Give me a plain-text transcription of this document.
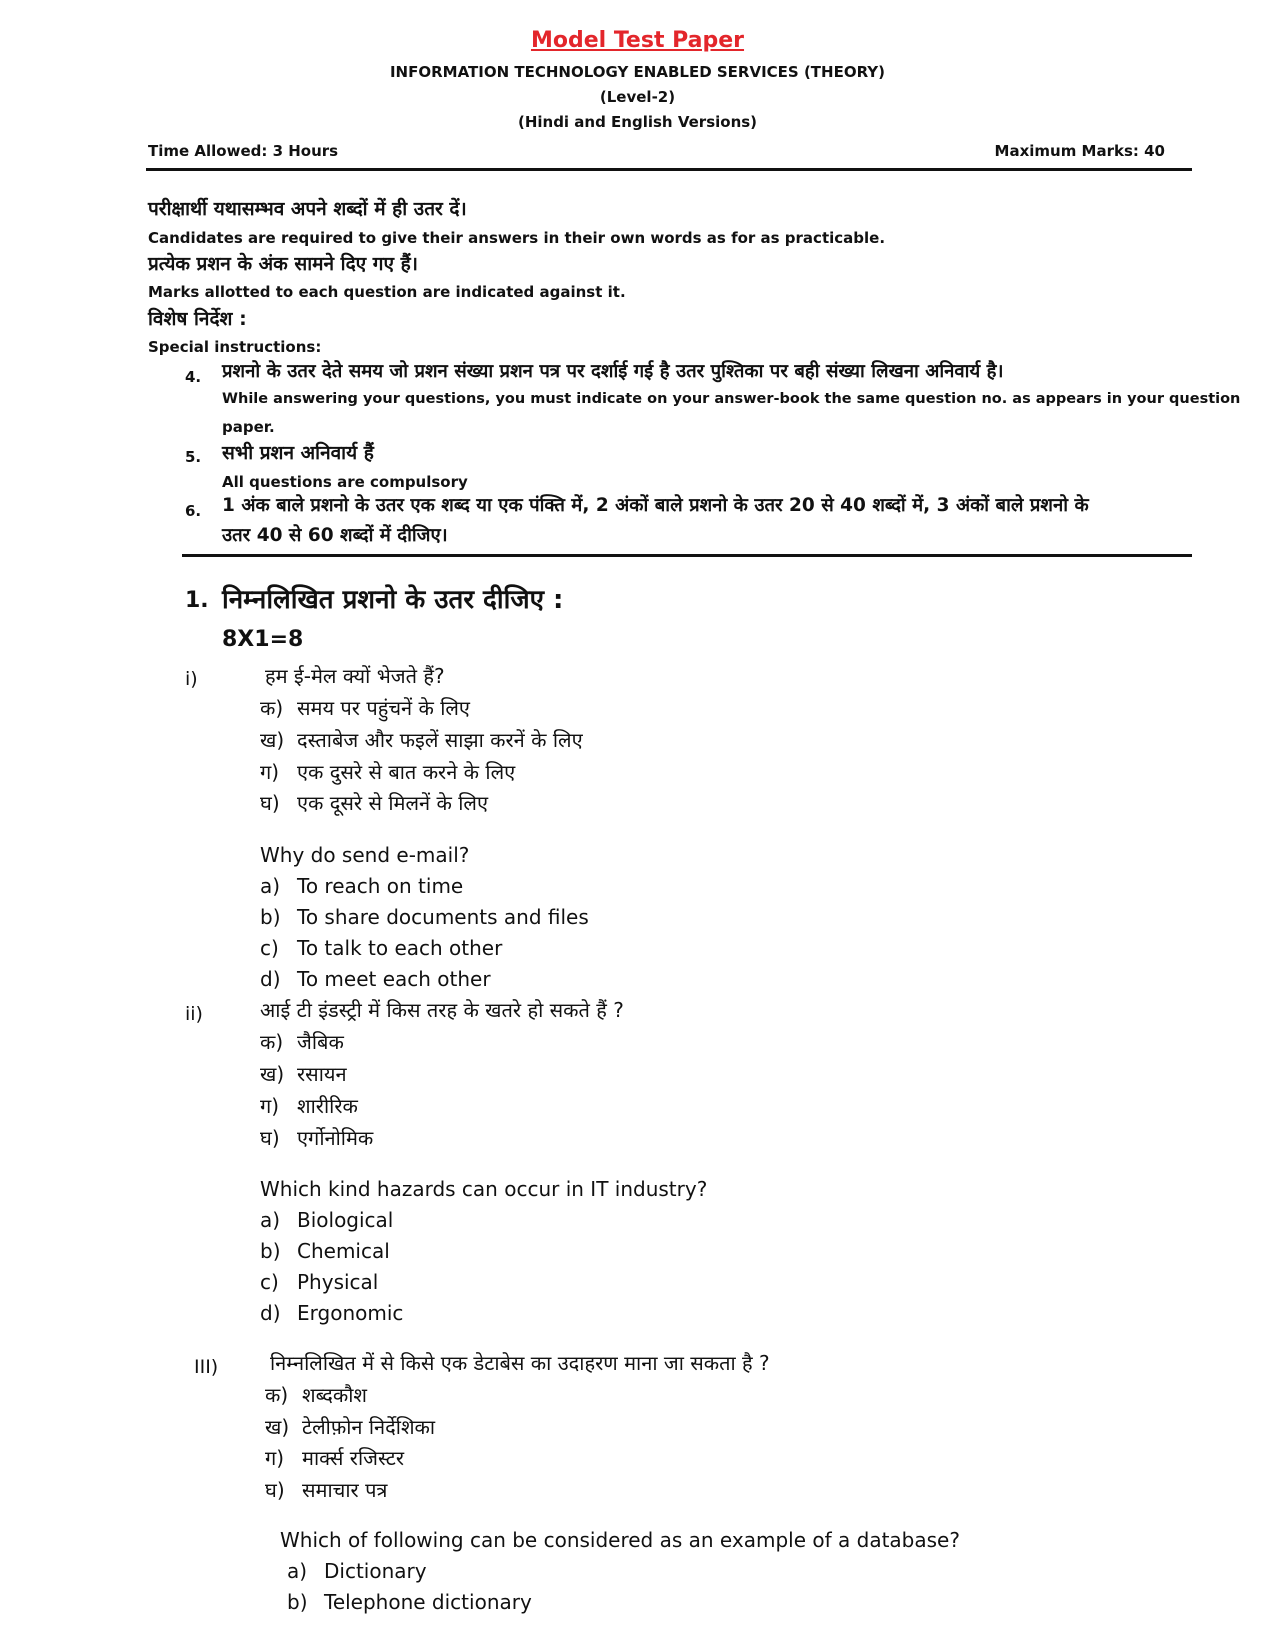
Model Test Paper
INFORMATION TECHNOLOGY ENABLED SERVICES (THEORY)
(Level-2)
(Hindi and English Versions)
Time Allowed: 3 Hours	Maximum Marks: 40
परीक्षार्थी यथासम्भव अपने शब्दों में ही उतर दें।
Candidates are required to give their answers in their own words as for as practicable.
प्रत्येक प्रशन के अंक सामने दिए गए हैं।
Marks allotted to each question are indicated against it.
विशेष निर्देश :
Special instructions:
4. प्रशनो के उतर देते समय जो प्रशन संख्या प्रशन पत्र पर दर्शाई गई है उतर पुश्तिका पर बही संख्या लिखना अनिवार्य है।
While answering your questions, you must indicate on your answer-book the same question no. as appears in your question
paper.
5. सभी प्रशन अनिवार्य हैं
All questions are compulsory
6. 1 अंक बाले प्रशनो के उतर एक शब्द या एक पंक्ति में, 2 अंकों बाले प्रशनो के उतर 20 से 40 शब्दों में, 3 अंकों बाले प्रशनो के
उतर 40 से 60 शब्दों में दीजिए।
1. निम्नलिखित प्रशनो के उतर दीजिए :
8X1=8
i)	हम ई-मेल क्यों भेजते हैं?
क) समय पर पहुंचनें के लिए
ख) दस्ताबेज और फइलें साझा करनें के लिए
ग) एक दुसरे से बात करने के लिए
घ) एक दूसरे से मिलनें के लिए
Why do send e-mail?
a) To reach on time
b) To share documents and files
c) To talk to each other
d) To meet each other
ii)	आई टी इंडस्ट्री में किस तरह के खतरे हो सकते हैं ?
क) जैबिक
ख) रसायन
ग) शारीरिक
घ) एर्गोनोमिक
Which kind hazards can occur in IT industry?
a) Biological
b) Chemical
c) Physical
d) Ergonomic
III)	निम्नलिखित में से किसे एक डेटाबेस का उदाहरण माना जा सकता है ?
क) शब्दकौश
ख) टेलीफ़ोन निर्देशिका
ग) मार्क्स रजिस्टर
घ) समाचार पत्र
Which of following can be considered as an example of a database?
a) Dictionary
b) Telephone dictionary
